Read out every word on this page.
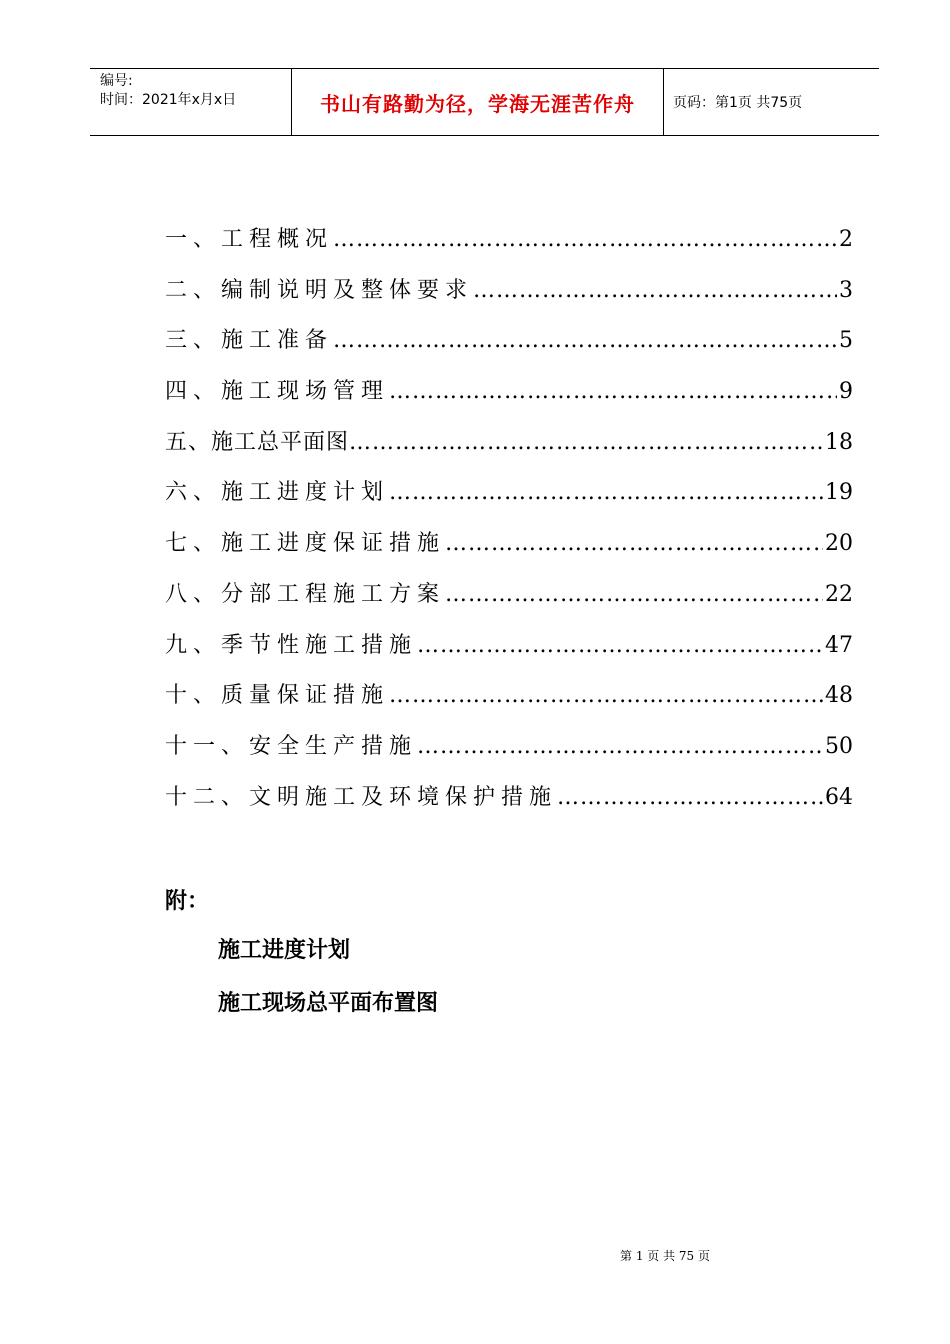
编号:
时间：2021年x月x日	书山有路勤为径，学海无涯苦作舟	页码：第1页 共75页
一、工程概况 ………………………………………………………………………………………………………………	2
二、编制说明及整体要求 ………………………………………………………………………………………………………………	3
三、施工准备 ………………………………………………………………………………………………………………	5
四、施工现场管理 ………………………………………………………………………………………………………………	9
五、施工总平面图 ………………………………………………………………………………………………………………	18
六、施工进度计划 ………………………………………………………………………………………………………………	19
七、施工进度保证措施 ………………………………………………………………………………………………………………	20
八、分部工程施工方案 ………………………………………………………………………………………………………………	22
九、季节性施工措施 ………………………………………………………………………………………………………………	47
十、质量保证措施 ………………………………………………………………………………………………………………	48
十一、安全生产措施 ………………………………………………………………………………………………………………	50
十二、文明施工及环境保护措施 ………………………………………………………………………………………………………………	64
附：
施工进度计划
施工现场总平面布置图
第 1 页 共 75 页
